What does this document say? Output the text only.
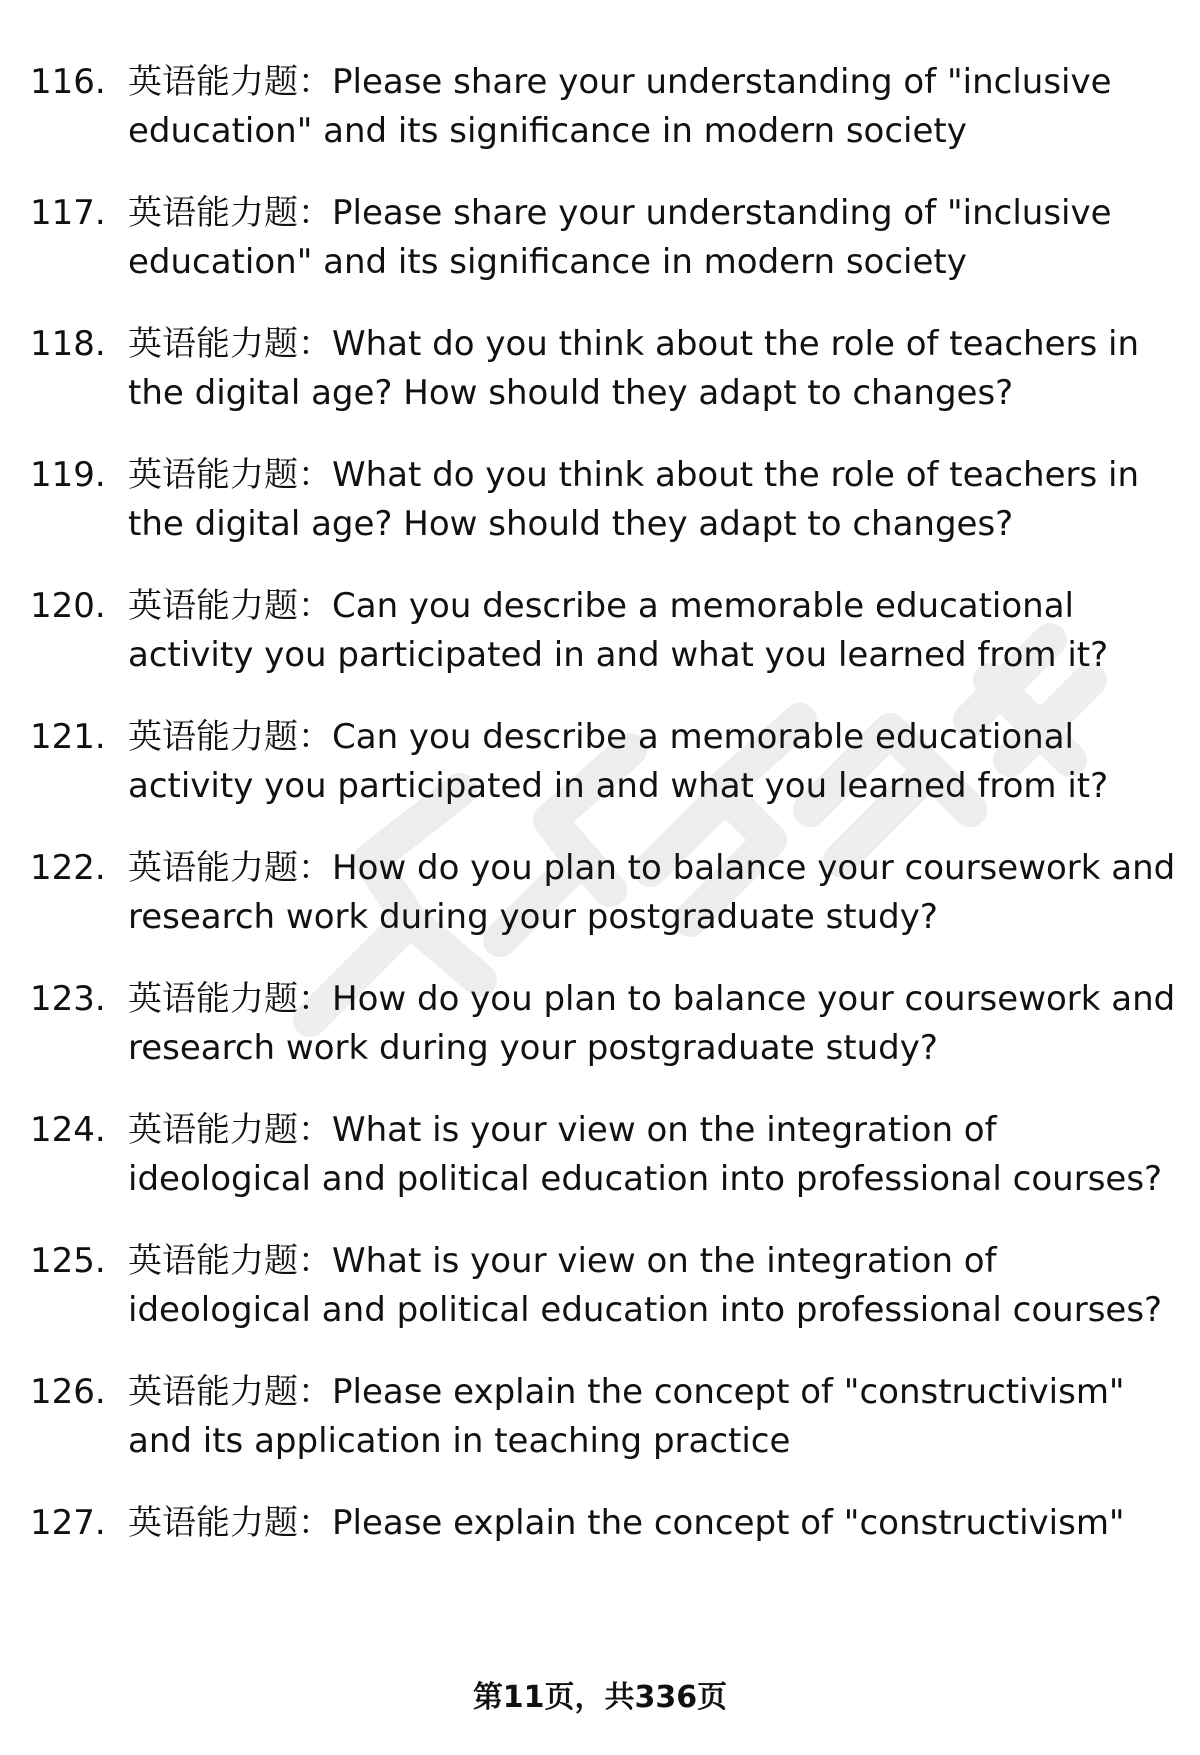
116. 英语能力题：Please share your understanding of "inclusive education" and its significance in modern society
117. 英语能力题：Please share your understanding of "inclusive education" and its significance in modern society
118. 英语能力题：What do you think about the role of teachers in the digital age? How should they adapt to changes?
119. 英语能力题：What do you think about the role of teachers in the digital age? How should they adapt to changes?
120. 英语能力题：Can you describe a memorable educational activity you participated in and what you learned from it?
121. 英语能力题：Can you describe a memorable educational activity you participated in and what you learned from it?
122. 英语能力题：How do you plan to balance your coursework and research work during your postgraduate study?
123. 英语能力题：How do you plan to balance your coursework and research work during your postgraduate study?
124. 英语能力题：What is your view on the integration of ideological and political education into professional courses?
125. 英语能力题：What is your view on the integration of ideological and political education into professional courses?
126. 英语能力题：Please explain the concept of "constructivism" and its application in teaching practice
127. 英语能力题：Please explain the concept of "constructivism"
第11页，共336页
